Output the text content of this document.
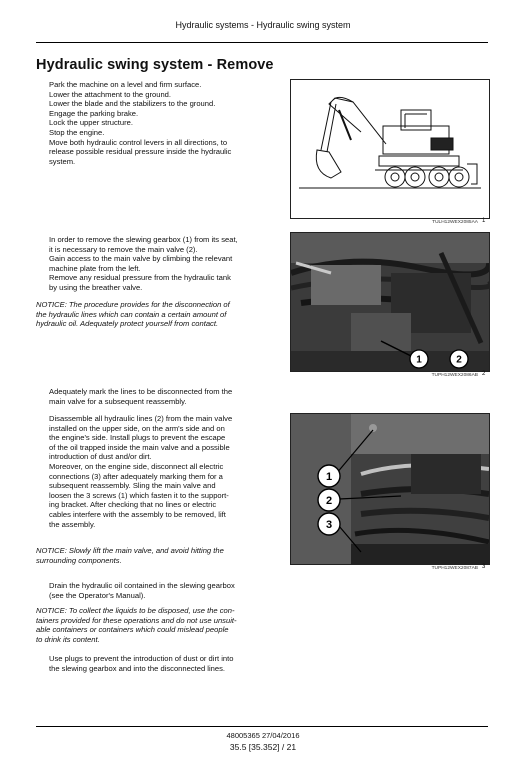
Hydraulic systems - Hydraulic swing system
Hydraulic swing system - Remove

Park the machine on a level and firm surface.

Lower the attachment to the ground.

Lower the blade and the stabilizers to the ground.

Engage the parking brake.

Lock the upper structure.

Stop the engine.

Move both hydraulic control levers in all directions, to

release possible residual pressure inside the hydraulic

system.

TULH12WEX2085AA 1

In order to remove the slewing gearbox (1) from its seat,

it is necessary to remove the main valve (2).

Gain access to the main valve by climbing the relevant

machine plate from the left.

Remove any residual pressure from the hydraulic tank

by using the breather valve.

NOTICE: The procedure provides for the disconnection of

the hydraulic lines which can contain a certain amount of

hydraulic oil. Adequately protect yourself from contact.

1	2
TUPH12WEX2086AB 2

Adequately mark the lines to be disconnected from the

main valve for a subsequent reassembly.

Disassemble all hydraulic lines (2) from the main valve

installed on the upper side, on the arm's side and on

the engine's side. Install plugs to prevent the escape

of the oil trapped inside the main valve and a possible

introduction of dust and/or dirt.

Moreover, on the engine side, disconnect all electric

connections (3) after adequately marking them for a

subsequent reassembly. Sling the main valve and

loosen the 3 screws (1) which fasten it to the support-

ing bracket. After checking that no lines or electric

cables interfere with the assembly to be removed, lift

the assembly.

NOTICE: Slowly lift the main valve, and avoid hitting the

surrounding components.

1
2
3
TUPH12WEX2087AB 3

Drain the hydraulic oil contained in the slewing gearbox

(see the Operator's Manual).

NOTICE: To collect the liquids to be disposed, use the con-

tainers provided for these operations and do not use unsuit-

able containers or containers which could mislead people

to drink its content.

Use plugs to prevent the introduction of dust or dirt into

the slewing gearbox and into the disconnected lines.

48005365 27/04/2016
35.5 [35.352] / 21
